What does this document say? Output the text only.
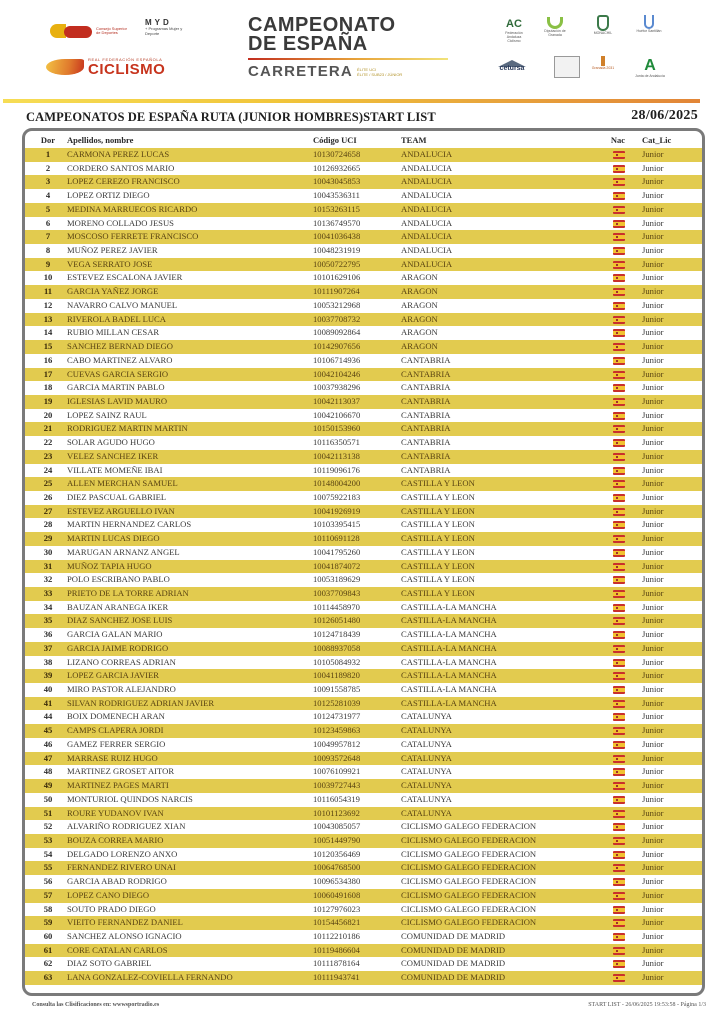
Consejo Superior de Deportes
MYD
+ Programas Mujer y Deporte
REAL FEDERACIÓN ESPAÑOLA
CICLISMO
CAMPEONATO
DE ESPAÑA
CARRETERA ÉLITE UCI
ÉLITE / SUB23 / JÚNIOR
AC
Federación Andaluza Ciclismo
Diputación de Granada	MONACHIL	Huétor Santillán
cetursa	Granada 2031	A
Junta de Andalucía
CAMPEONATOS DE ESPAÑA RUTA (JUNIOR HOMBRES)START LIST	28/06/2025
Dor	Apellidos, nombre	Código UCI	TEAM	Nac	Cat_Lic
1	CARMONA PEREZ LUCAS	10130724658	ANDALUCIA	Junior
2	CORDERO SANTOS MARIO	10126932665	ANDALUCIA	Junior
3	LOPEZ CEREZO FRANCISCO	10043045853	ANDALUCIA	Junior
4	LOPEZ ORTIZ DIEGO	10043536311	ANDALUCIA	Junior
5	MEDINA MARRUECOS RICARDO	10153263115	ANDALUCIA	Junior
6	MORENO COLLADO JESUS	10136749570	ANDALUCIA	Junior
7	MOSCOSO FERRETE FRANCISCO	10041036438	ANDALUCIA	Junior
8	MUÑOZ PEREZ JAVIER	10048231919	ANDALUCIA	Junior
9	VEGA SERRATO JOSE	10050722795	ANDALUCIA	Junior
10	ESTEVEZ ESCALONA JAVIER	10101629106	ARAGON	Junior
11	GARCIA YAÑEZ JORGE	10111907264	ARAGON	Junior
12	NAVARRO CALVO MANUEL	10053212968	ARAGON	Junior
13	RIVEROLA BADEL LUCA	10037708732	ARAGON	Junior
14	RUBIO MILLAN CESAR	10089092864	ARAGON	Junior
15	SANCHEZ BERNAD DIEGO	10142907656	ARAGON	Junior
16	CABO MARTINEZ ALVARO	10106714936	CANTABRIA	Junior
17	CUEVAS GARCIA SERGIO	10042104246	CANTABRIA	Junior
18	GARCIA MARTIN PABLO	10037938296	CANTABRIA	Junior
19	IGLESIAS LAVID MAURO	10042113037	CANTABRIA	Junior
20	LOPEZ SAINZ RAUL	10042106670	CANTABRIA	Junior
21	RODRIGUEZ MARTIN MARTIN	10150153960	CANTABRIA	Junior
22	SOLAR AGUDO HUGO	10116350571	CANTABRIA	Junior
23	VELEZ SANCHEZ IKER	10042113138	CANTABRIA	Junior
24	VILLATE MOMEÑE IBAI	10119096176	CANTABRIA	Junior
25	ALLEN MERCHAN SAMUEL	10148004200	CASTILLA Y LEON	Junior
26	DIEZ PASCUAL GABRIEL	10075922183	CASTILLA Y LEON	Junior
27	ESTEVEZ ARGUELLO IVAN	10041926919	CASTILLA Y LEON	Junior
28	MARTIN HERNANDEZ CARLOS	10103395415	CASTILLA Y LEON	Junior
29	MARTIN LUCAS DIEGO	10110691128	CASTILLA Y LEON	Junior
30	MARUGAN ARNANZ ANGEL	10041795260	CASTILLA Y LEON	Junior
31	MUÑOZ TAPIA HUGO	10041874072	CASTILLA Y LEON	Junior
32	POLO ESCRIBANO PABLO	10053189629	CASTILLA Y LEON	Junior
33	PRIETO DE LA TORRE ADRIAN	10037709843	CASTILLA Y LEON	Junior
34	BAUZAN ARANEGA IKER	10114458970	CASTILLA-LA MANCHA	Junior
35	DIAZ SANCHEZ JOSE LUIS	10126051480	CASTILLA-LA MANCHA	Junior
36	GARCIA GALAN MARIO	10124718439	CASTILLA-LA MANCHA	Junior
37	GARCIA JAIME RODRIGO	10088937058	CASTILLA-LA MANCHA	Junior
38	LIZANO CORREAS ADRIAN	10105084932	CASTILLA-LA MANCHA	Junior
39	LOPEZ GARCIA JAVIER	10041189820	CASTILLA-LA MANCHA	Junior
40	MIRO PASTOR ALEJANDRO	10091558785	CASTILLA-LA MANCHA	Junior
41	SILVAN RODRIGUEZ ADRIAN JAVIER	10125281039	CASTILLA-LA MANCHA	Junior
44	BOIX DOMENECH ARAN	10124731977	CATALUNYA	Junior
45	CAMPS CLAPERA JORDI	10123459863	CATALUNYA	Junior
46	GAMEZ FERRER SERGIO	10049957812	CATALUNYA	Junior
47	MARRASE RUIZ HUGO	10093572648	CATALUNYA	Junior
48	MARTINEZ GROSET AITOR	10076109921	CATALUNYA	Junior
49	MARTINEZ PAGES MARTI	10039727443	CATALUNYA	Junior
50	MONTURIOL QUINDOS NARCIS	10116054319	CATALUNYA	Junior
51	ROURE YUDANOV IVAN	10101123692	CATALUNYA	Junior
52	ALVARIÑO RODRIGUEZ XIAN	10043085057	CICLISMO GALEGO FEDERACION	Junior
53	BOUZA CORREA MARIO	10051449790	CICLISMO GALEGO FEDERACION	Junior
54	DELGADO LORENZO ANXO	10120356469	CICLISMO GALEGO FEDERACION	Junior
55	FERNANDEZ RIVERO UNAI	10064768500	CICLISMO GALEGO FEDERACION	Junior
56	GARCIA ABAD RODRIGO	10096534380	CICLISMO GALEGO FEDERACION	Junior
57	LOPEZ CANO DIEGO	10060491608	CICLISMO GALEGO FEDERACION	Junior
58	SOUTO PRADO DIEGO	10127976023	CICLISMO GALEGO FEDERACION	Junior
59	VIEITO FERNANDEZ DANIEL	10154456821	CICLISMO GALEGO FEDERACION	Junior
60	SANCHEZ ALONSO IGNACIO	10112210186	COMUNIDAD DE MADRID	Junior
61	CORE CATALAN CARLOS	10119486604	COMUNIDAD DE MADRID	Junior
62	DIAZ SOTO GABRIEL	10111878164	COMUNIDAD DE MADRID	Junior
63	LANA GONZALEZ-COVIELLA FERNANDO	10111943741	COMUNIDAD DE MADRID	Junior
Consulta las Clisificaciones en: wwwsportradio.es	START LIST - 26/06/2025 19:53:58 - Página 1/3
